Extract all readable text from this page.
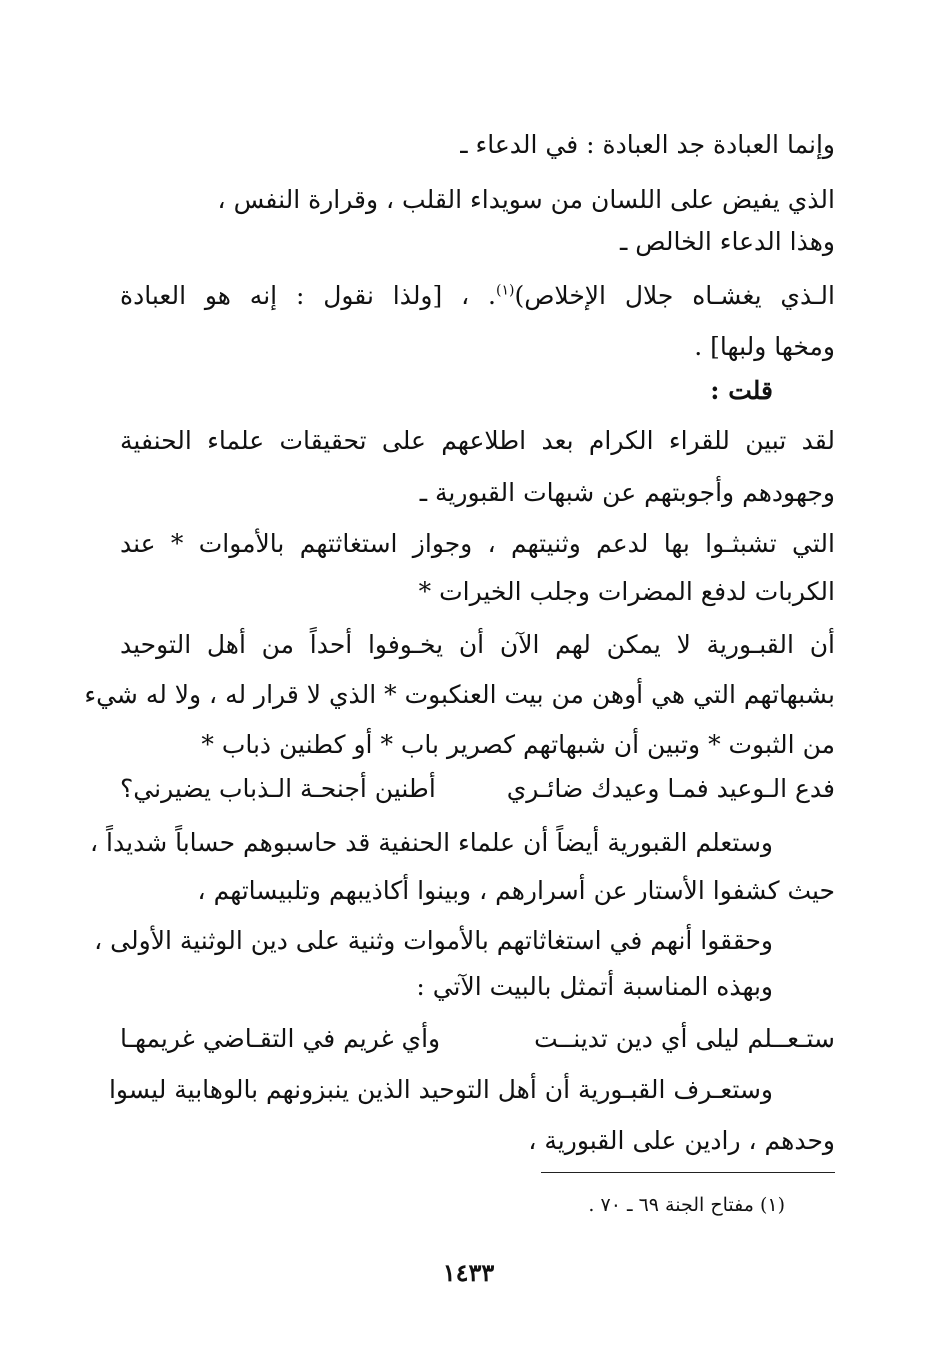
وإنما العبادة جد العبادة : في الدعاء ـ
الذي يفيض على اللسان من سويداء القلب ، وقرارة النفس ،
وهذا الدعاء الخالص ـ
الـذي يغشـاه جلال الإخلاص)$^{(١)}$. ، [ولذا نقول : إنه هو العبادة
ومخها ولبها] .
قلت :
لقد تبين للقراء الكرام بعد اطلاعهم على تحقيقات علماء الحنفية
وجهودهم وأجوبتهم عن شبهات القبورية ـ
التي تشبثـوا بها لدعم وثنيتهم ، وجواز استغاثتهم بالأموات * عند
الكربات لدفع المضرات وجلب الخيرات *
أن القبـورية لا يمكن لهم الآن أن يخـوفوا أحداً من أهل التوحيد
بشبهاتهم التي هي أوهن من بيت العنكبوت * الذي لا قرار له ، ولا له شيء
من الثبوت * وتبين أن شبهاتهم كصرير باب * أو كطنين ذباب *
فدع الـوعيد فمـا وعيدك ضائـري
أطنين أجنحـة الـذباب يضيرني؟
وستعلم القبورية أيضاً أن علماء الحنفية قد حاسبوهم حساباً شديداً ،
حيث كشفوا الأستار عن أسرارهم ، وبينوا أكاذيبهم وتلبيساتهم ،
وحققوا أنهم في استغاثاتهم بالأموات وثنية على دين الوثنية الأولى ،
وبهذه المناسبة أتمثل بالبيت الآتي :
ستـعــلم ليلى أي دين تدينــت
وأي غريم في التقـاضي غريمهـا
وستعـرف القبـورية أن أهل التوحيد الذين ينبزونهم بالوهابية ليسوا
وحدهم ، رادين على القبورية ،
(١) مفتاح الجنة ٦٩ ـ ٧٠ .
١٤٣٣
